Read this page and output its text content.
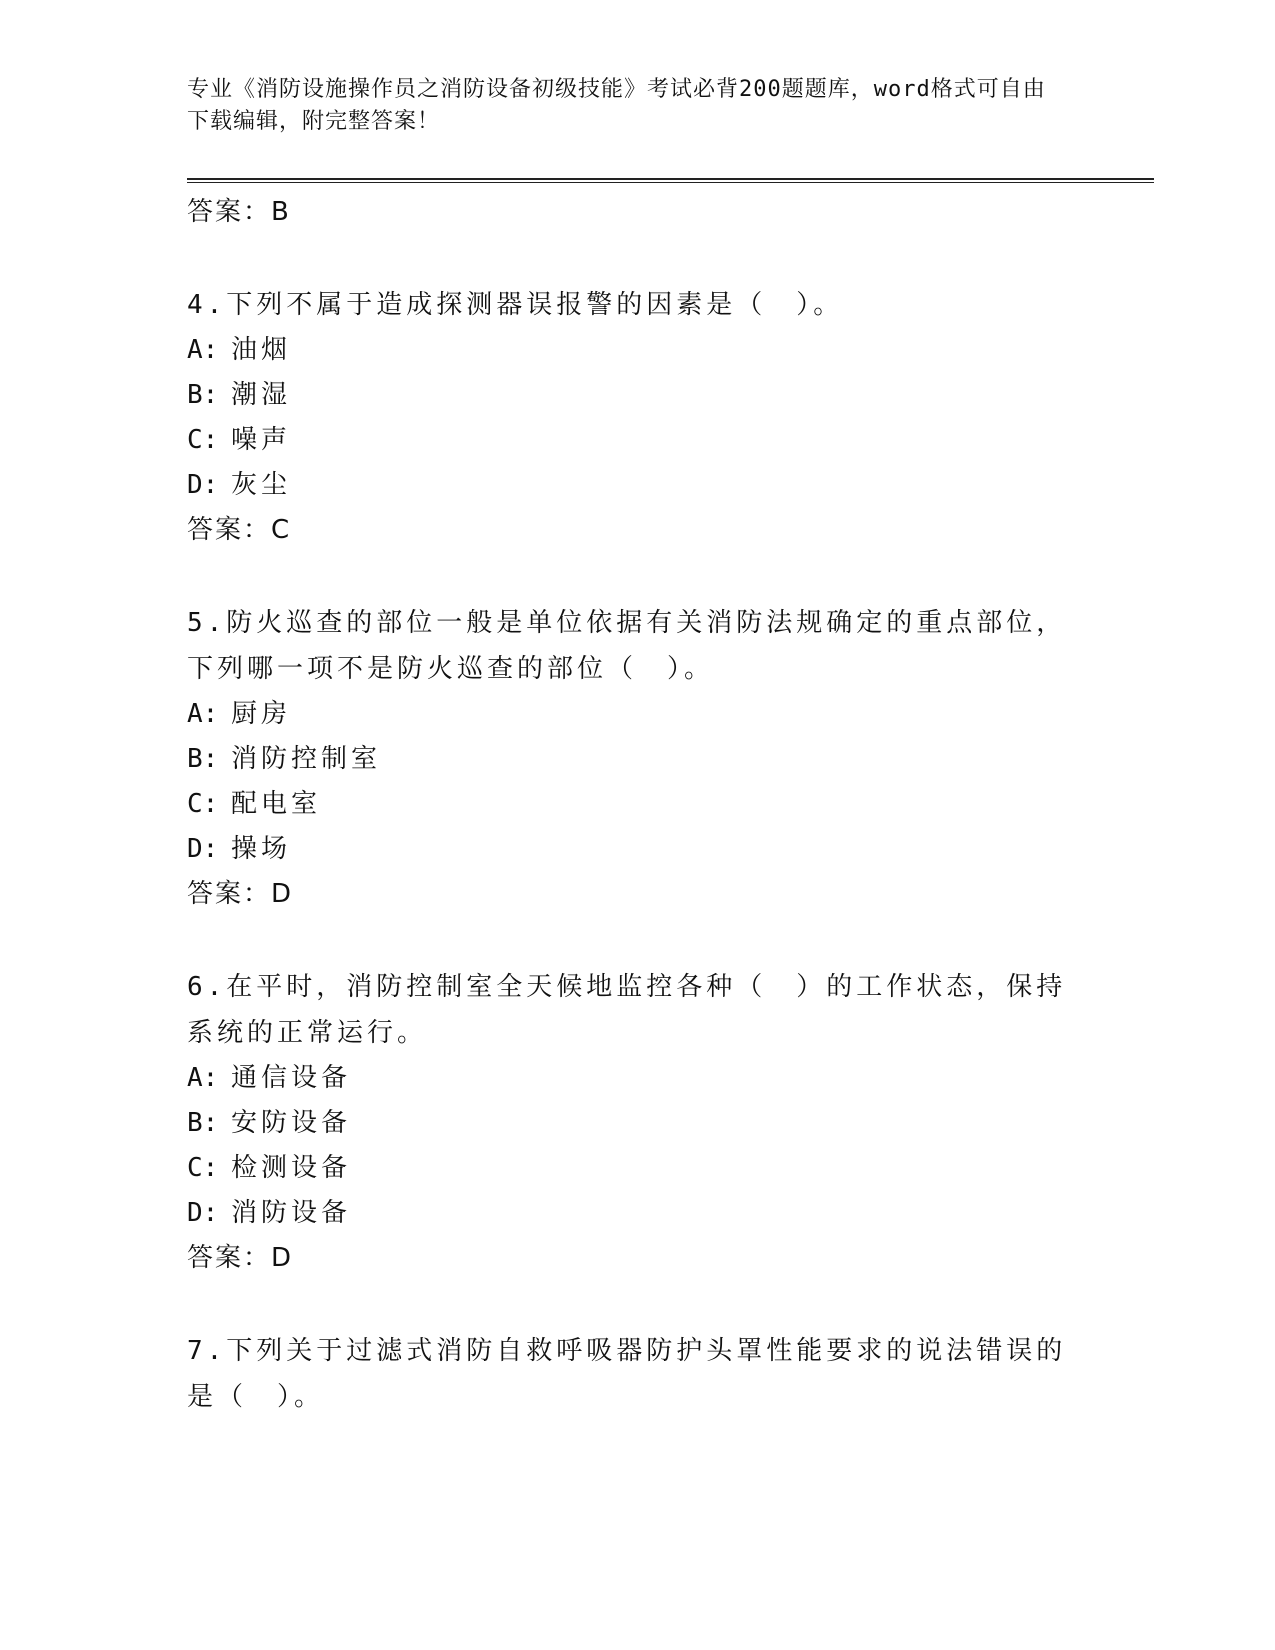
专业《消防设施操作员之消防设备初级技能》考试必背200题题库，word格式可自由下载编辑，附完整答案！
答案：B
4.下列不属于造成探测器误报警的因素是（　）。
A: 油烟
B: 潮湿
C: 噪声
D: 灰尘
答案：C
5.防火巡查的部位一般是单位依据有关消防法规确定的重点部位，下列哪一项不是防火巡查的部位（　）。
A: 厨房
B: 消防控制室
C: 配电室
D: 操场
答案：D
6.在平时，消防控制室全天候地监控各种（　）的工作状态，保持系统的正常运行。
A: 通信设备
B: 安防设备
C: 检测设备
D: 消防设备
答案：D
7.下列关于过滤式消防自救呼吸器防护头罩性能要求的说法错误的是（　）。
